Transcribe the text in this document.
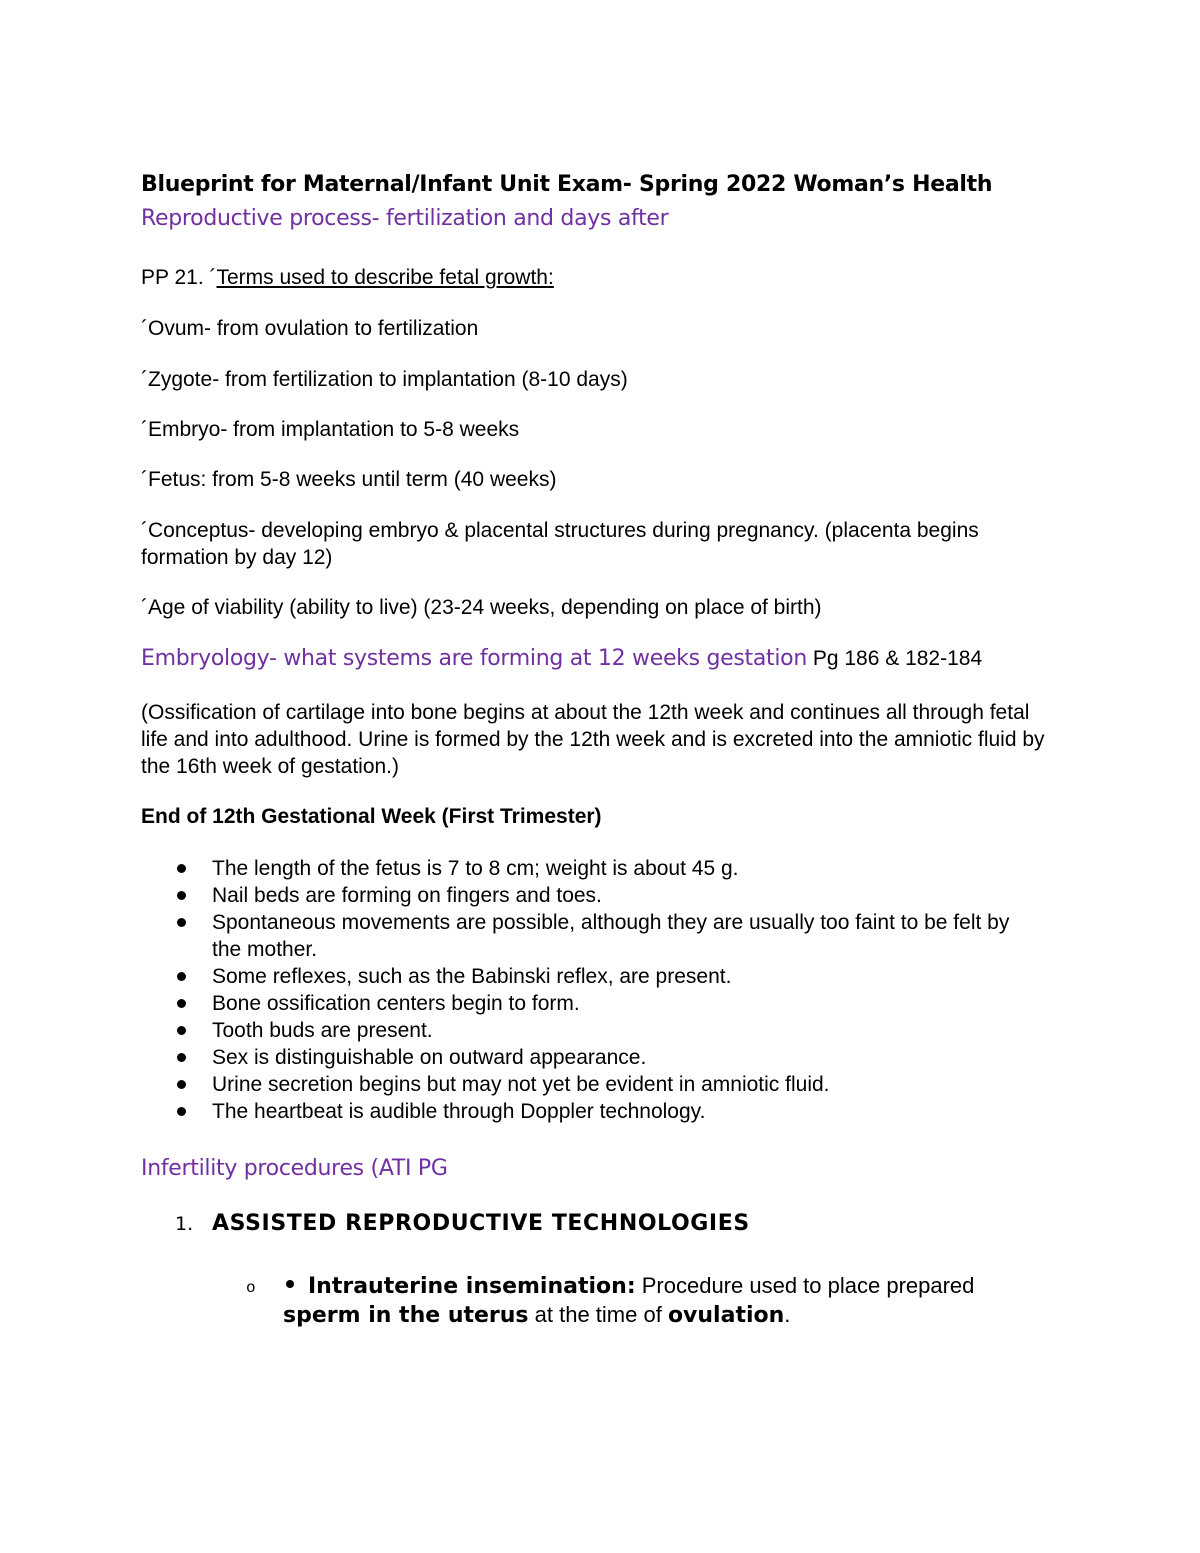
Blueprint for Maternal/Infant Unit Exam- Spring 2022 Woman’s Health
Reproductive process- fertilization and days after
PP 21. ´Terms used to describe fetal growth:
´Ovum- from ovulation to fertilization
´Zygote- from fertilization to implantation (8-10 days)
´Embryo- from implantation to 5-8 weeks
´Fetus: from 5-8 weeks until term (40 weeks)
´Conceptus- developing embryo & placental structures during pregnancy. (placenta begins formation by day 12)
´Age of viability (ability to live) (23-24 weeks, depending on place of birth)
Embryology- what systems are forming at 12 weeks gestation Pg 186 & 182-184
(Ossification of cartilage into bone begins at about the 12th week and continues all through fetal life and into adulthood. Urine is formed by the 12th week and is excreted into the amniotic fluid by the 16th week of gestation.)
End of 12th Gestational Week (First Trimester)
The length of the fetus is 7 to 8 cm; weight is about 45 g.
Nail beds are forming on fingers and toes.
Spontaneous movements are possible, although they are usually too faint to be felt by the mother.
Some reflexes, such as the Babinski reflex, are present.
Bone ossification centers begin to form.
Tooth buds are present.
Sex is distinguishable on outward appearance.
Urine secretion begins but may not yet be evident in amniotic fluid.
The heartbeat is audible through Doppler technology.
Infertility procedures (ATI PG
1. ASSISTED REPRODUCTIVE TECHNOLOGIES
o	Intrauterine insemination: Procedure used to place prepared sperm in the uterus at the time of ovulation.
